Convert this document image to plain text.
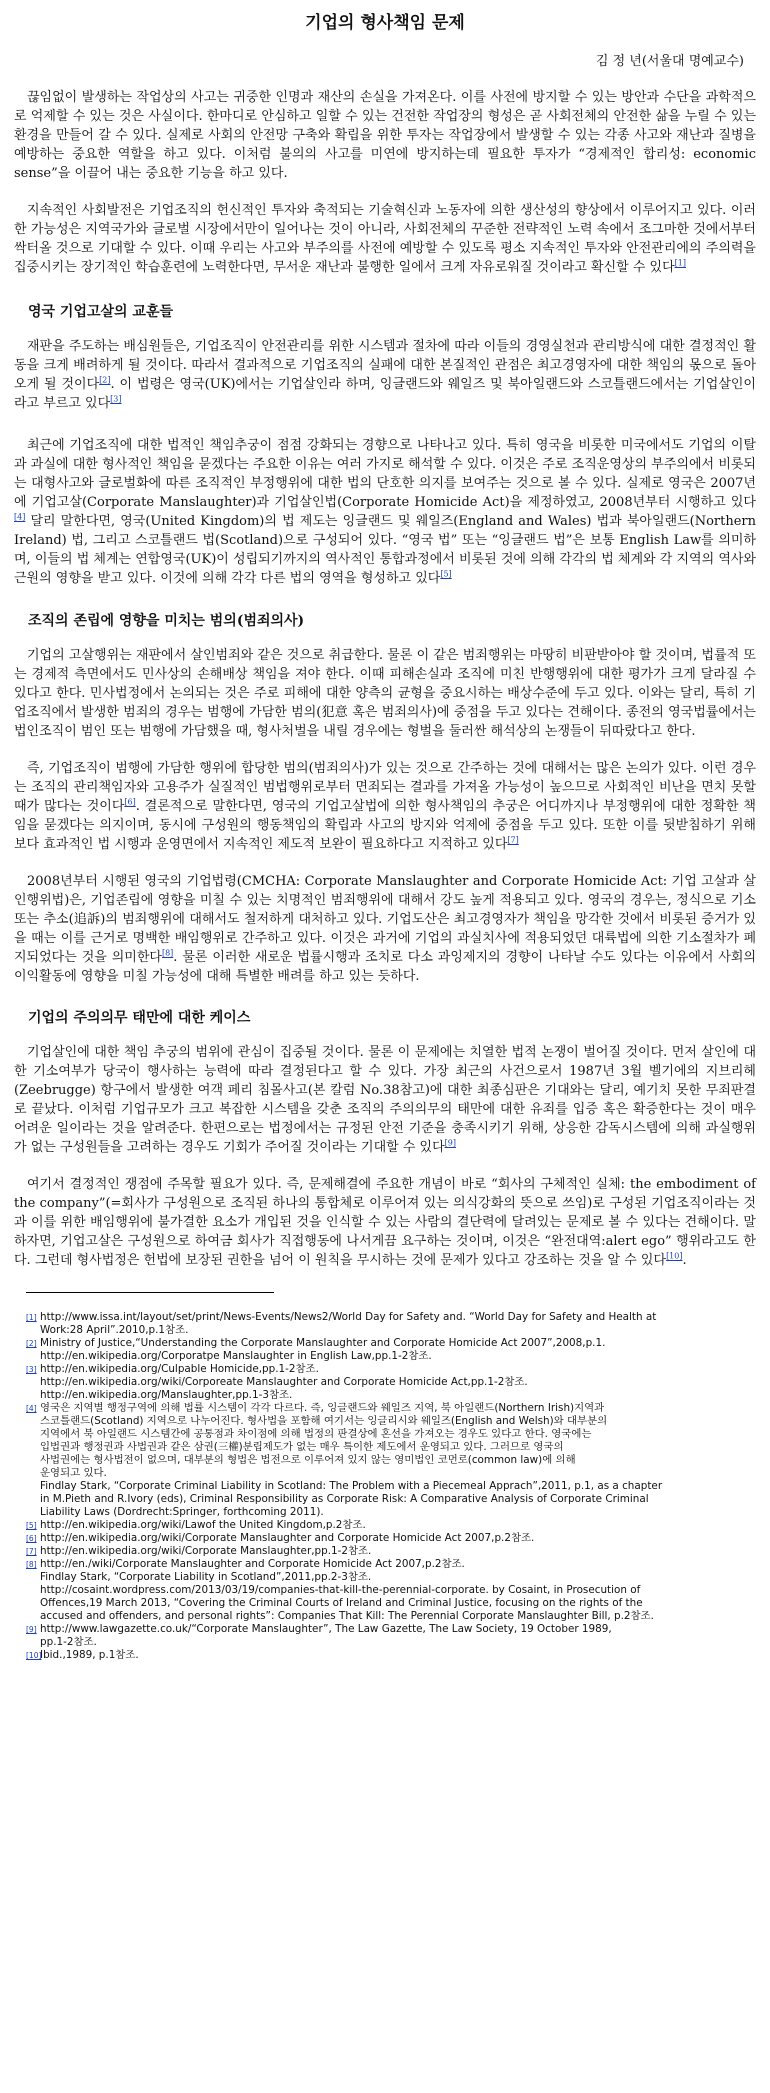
기업의 형사책임 문제
김 정 년(서울대 명예교수)

끊임없이 발생하는 작업상의 사고는 귀중한 인명과 재산의 손실을 가져온다. 이를 사전에 방지할 수 있는 방안과 수단을 과학적으로 억제할 수 있는 것은 사실이다. 한마디로 안심하고 일할 수 있는 건전한 작업장의 형성은 곧 사회전체의 안전한 삶을 누릴 수 있는 환경을 만들어 갈 수 있다. 실제로 사회의 안전망 구축와 확립을 위한 투자는 작업장에서 발생할 수 있는 각종 사고와 재난과 질병을 예방하는 중요한 역할을 하고 있다. 이처럼 불의의 사고를 미연에 방지하는데 필요한 투자가 “경제적인 합리성: economic sense”을 이끌어 내는 중요한 기능을 하고 있다.

지속적인 사회발전은 기업조직의 헌신적인 투자와 축적되는 기술혁신과 노동자에 의한 생산성의 향상에서 이루어지고 있다. 이러한 가능성은 지역국가와 글로벌 시장에서만이 일어나는 것이 아니라, 사회전체의 꾸준한 전략적인 노력 속에서 조그마한 것에서부터 싹터올 것으로 기대할 수 있다. 이때 우리는 사고와 부주의를 사전에 예방할 수 있도록 평소 지속적인 투자와 안전관리에의 주의력을 집중시키는 장기적인 학습훈련에 노력한다면, 무서운 재난과 불행한 일에서 크게 자유로워질 것이라고 확신할 수 있다[1]

영국 기업고살의 교훈들

재판을 주도하는 배심원들은, 기업조직이 안전관리를 위한 시스템과 절차에 따라 이들의 경영실천과 관리방식에 대한 결정적인 활동을 크게 배려하게 될 것이다. 따라서 결과적으로 기업조직의 실패에 대한 본질적인 관점은 최고경영자에 대한 책임의 몫으로 돌아오게 될 것이다[2]. 이 법령은 영국(UK)에서는 기업살인라 하며, 잉글랜드와 웨일즈 및 북아일랜드와 스코틀랜드에서는 기업살인이라고 부르고 있다[3]

최근에 기업조직에 대한 법적인 책임추궁이 점점 강화되는 경향으로 나타나고 있다. 특히 영국을 비롯한 미국에서도 기업의 이탈과 과실에 대한 형사적인 책임을 묻겠다는 주요한 이유는 여러 가지로 해석할 수 있다. 이것은 주로 조직운영상의 부주의에서 비롯되는 대형사고와 글로벌화에 따른 조직적인 부정행위에 대한 법의 단호한 의지를 보여주는 것으로 볼 수 있다. 실제로 영국은 2007년에 기업고살(Corporate Manslaughter)과 기업살인법(Corporate Homicide Act)을 제정하였고, 2008년부터 시행하고 있다[4] 달리 말한다면, 영국(United Kingdom)의 법 제도는 잉글랜드 및 웨일즈(England and Wales) 법과 북아일랜드(Northern Ireland) 법, 그리고 스코틀랜드 법(Scotland)으로 구성되어 있다. “영국 법” 또는 “잉글랜드 법”은 보통 English Law를 의미하며, 이들의 법 체계는 연합영국(UK)이 성립되기까지의 역사적인 통합과정에서 비롯된 것에 의해 각각의 법 체계와 각 지역의 역사와 근원의 영향을 받고 있다. 이것에 의해 각각 다른 법의 영역을 형성하고 있다[5]

조직의 존립에 영향을 미치는 범의(범죄의사)

기업의 고살행위는 재판에서 살인범죄와 같은 것으로 취급한다. 물론 이 같은 범죄행위는 마땅히 비판받아야 할 것이며, 법률적 또는 경제적 측면에서도 민사상의 손해배상 책임을 져야 한다. 이때 피해손실과 조직에 미친 반행행위에 대한 평가가 크게 달라질 수 있다고 한다. 민사법정에서 논의되는 것은 주로 피해에 대한 양측의 균형을 중요시하는 배상수준에 두고 있다. 이와는 달리, 특히 기업조직에서 발생한 범죄의 경우는 범행에 가담한 범의(犯意 혹은 범죄의사)에 중점을 두고 있다는 견해이다. 종전의 영국법률에서는 법인조직이 범인 또는 범행에 가담했을 때, 형사처벌을 내릴 경우에는 형벌을 둘러싼 해석상의 논쟁들이 뒤따랐다고 한다.

즉, 기업조직이 범행에 가담한 행위에 합당한 범의(범죄의사)가 있는 것으로 간주하는 것에 대해서는 많은 논의가 있다. 이런 경우는 조직의 관리책임자와 고용주가 실질적인 범법행위로부터 면죄되는 결과를 가져올 가능성이 높으므로 사회적인 비난을 면치 못할 때가 많다는 것이다[6]. 결론적으로 말한다면, 영국의 기업고살법에 의한 형사책임의 추궁은 어디까지나 부정행위에 대한 정확한 책임을 묻겠다는 의지이며, 동시에 구성원의 행동책임의 확립과 사고의 방지와 억제에 중점을 두고 있다. 또한 이를 뒷받침하기 위해 보다 효과적인 법 시행과 운영면에서 지속적인 제도적 보완이 필요하다고 지적하고 있다[7]

2008년부터 시행된 영국의 기업법령(CMCHA: Corporate Manslaughter and Corporate Homicide Act: 기업 고살과 살인행위법)은, 기업존립에 영향을 미칠 수 있는 치명적인 범죄행위에 대해서 강도 높게 적용되고 있다. 영국의 경우는, 정식으로 기소 또는 추소(追訴)의 범죄행위에 대해서도 철저하게 대처하고 있다. 기업도산은 최고경영자가 책임을 망각한 것에서 비롯된 증거가 있을 때는 이를 근거로 명백한 배임행위로 간주하고 있다. 이것은 과거에 기업의 과실치사에 적용되었던 대륙법에 의한 기소절차가 폐지되었다는 것을 의미한다[8]. 물론 이러한 새로운 법률시행과 조치로 다소 과잉제지의 경향이 나타날 수도 있다는 이유에서 사회의 이익활동에 영향을 미칠 가능성에 대해 특별한 배려를 하고 있는 듯하다.

기업의 주의의무 태만에 대한 케이스

기업살인에 대한 책임 추궁의 범위에 관심이 집중될 것이다. 물론 이 문제에는 치열한 법적 논쟁이 벌어질 것이다. 먼저 살인에 대한 기소여부가 당국이 행사하는 능력에 따라 결정된다고 할 수 있다. 가장 최근의 사건으로서 1987년 3월 벨기에의 지브리헤(Zeebrugge) 항구에서 발생한 여객 페리 침몰사고(본 칼럼 No.38참고)에 대한 최종심판은 기대와는 달리, 예기치 못한 무죄판결로 끝났다. 이처럼 기업규모가 크고 복잡한 시스템을 갖춘 조직의 주의의무의 태만에 대한 유죄를 입증 혹은 확증한다는 것이 매우 어려운 일이라는 것을 알려준다. 한편으로는 법정에서는 규정된 안전 기준을 충족시키기 위해, 상응한 감독시스템에 의해 과실행위가 없는 구성원들을 고려하는 경우도 기회가 주어질 것이라는 기대할 수 있다[9]

여기서 결정적인 쟁점에 주목할 필요가 있다. 즉, 문제해결에 주요한 개념이 바로 “회사의 구체적인 실체: the embodiment of the company”(=회사가 구성원으로 조직된 하나의 통합체로 이루어져 있는 의식강화의 뜻으로 쓰임)로 구성된 기업조직이라는 것과 이를 위한 배임행위에 불가결한 요소가 개입된 것을 인식할 수 있는 사람의 결단력에 달려있는 문제로 볼 수 있다는 견해이다. 말하자면, 기업고살은 구성원으로 하여금 회사가 직접행동에 나서게끔 요구하는 것이며, 이것은 “완전대역:alert ego” 행위라고도 한다. 그런데 형사법정은 헌법에 보장된 권한을 넘어 이 원칙을 무시하는 것에 문제가 있다고 강조하는 것을 알 수 있다[10].

[1] http://www.issa.int/layout/set/print/News-Events/News2/World Day for Safety and. “World Day for Safety and Health at
Work:28 April”.2010,p.1참조.
[2] Ministry of Justice,“Understanding the Corporate Manslaughter and Corporate Homicide Act 2007”,2008,p.1.
http://en.wikipedia.org/Corporatpe Manslaughter in English Law,pp.1-2참조.
[3] http://en.wikipedia.org/Culpable Homicide,pp.1-2참조.
http://en.wikipedia.org/wiki/Corporeate Manslaughter and Corporate Homicide Act,pp.1-2참조.
http://en.wikipedia.org/Manslaughter,pp.1-3참조.
[4] 영국은 지역별 행정구역에 의해 법률 시스템이 각각 다르다. 즉, 잉글랜드와 웨일즈 지역, 북 아일랜드(Northern Irish)지역과
스코틀랜드(Scotland) 지역으로 나누어진다. 형사법을 포함해 여기서는 잉글리시와 웨일즈(English and Welsh)와 대부분의
지역에서 북 아일랜드 시스템간에 공통점과 차이점에 의해 법정의 판결상에 혼선을 가져오는 경우도 있다고 한다. 영국에는
입법권과 행정권과 사법권과 같은 삼권(三權)분립제도가 없는 매우 특이한 제도에서 운영되고 있다. 그러므로 영국의
사법권에는 형사법전이 없으며, 대부분의 형법은 법전으로 이루어져 있지 않는 영미법인 코먼로(common law)에 의해
운영되고 있다.
Findlay Stark, “Corporate Criminal Liability in Scotland: The Problem with a Piecemeal Apprach”,2011, p.1, as a chapter
in M.Pieth and R.Ivory (eds), Criminal Responsibility as Corporate Risk: A Comparative Analysis of Corporate Criminal
Liability Laws (Dordrecht:Springer, forthcoming 2011).
[5] http://en.wikipedia.org/wiki/Lawof the United Kingdom,p.2참조.
[6] http://en.wikipedia.org/wiki/Corporate Manslaughter and Corporate Homicide Act 2007,p.2참조.
[7] http://en.wikipedia.org/wiki/Corporate Manslaughter,pp.1-2참조.
[8] http://en./wiki/Corporate Manslaughter and Corporate Homicide Act 2007,p.2참조.
Findlay Stark, “Corporate Liability in Scotland”,2011,pp.2-3참조.
http://cosaint.wordpress.com/2013/03/19/companies-that-kill-the-perennial-corporate. by Cosaint, in Prosecution of
Offences,19 March 2013, “Covering the Criminal Courts of Ireland and Criminal Justice, focusing on the rights of the
accused and offenders, and personal rights”: Companies That Kill: The Perennial Corporate Manslaughter Bill, p.2참조.
[9] http://www.lawgazette.co.uk/“Corporate Manslaughter”, The Law Gazette, The Law Society, 19 October 1989,
pp.1-2참조.
[10]
Ibid.,1989, p.1참조.
